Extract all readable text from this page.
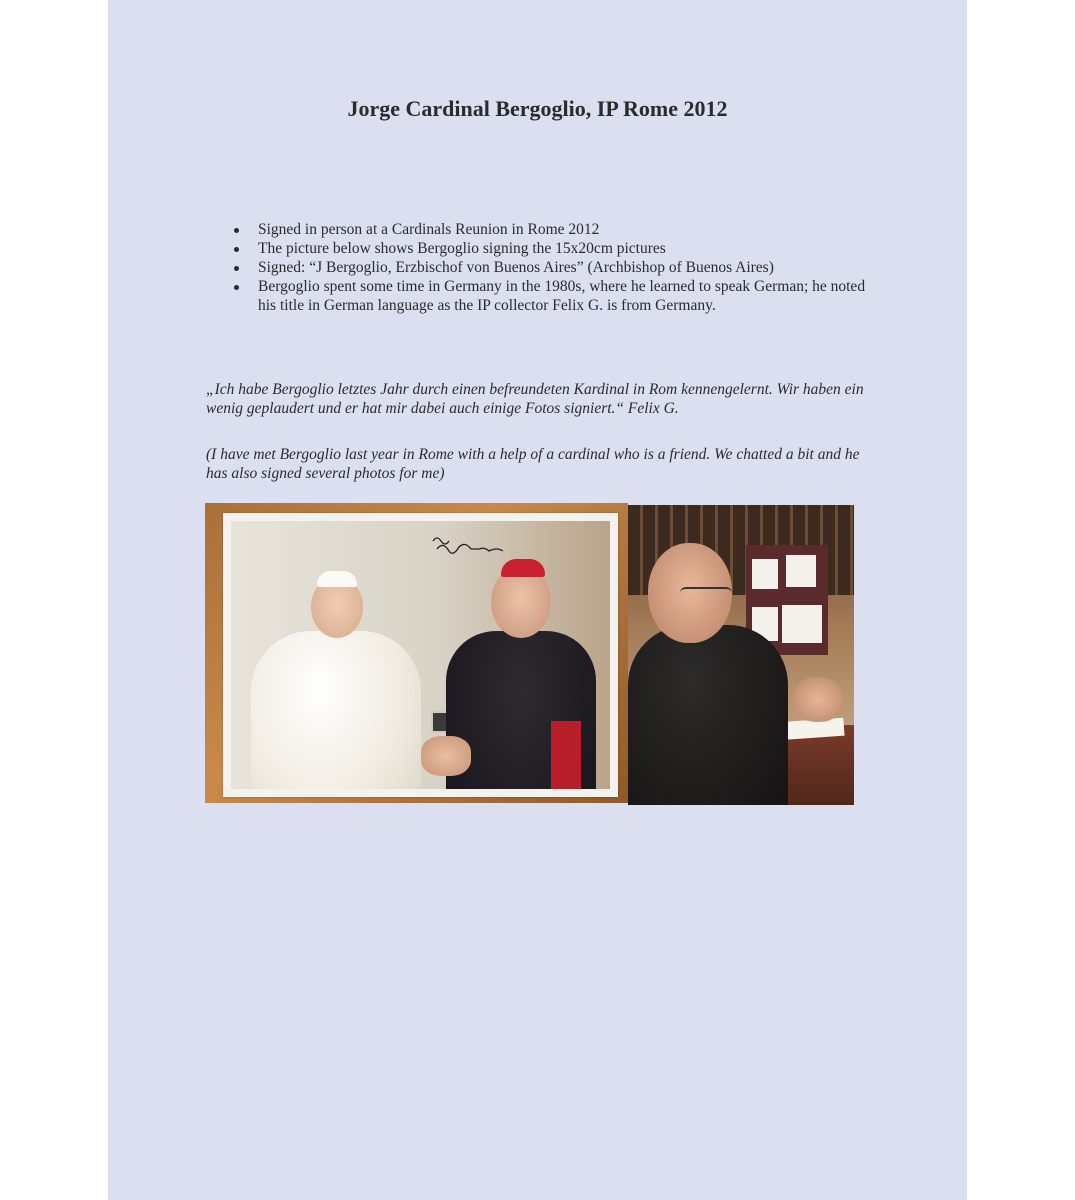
Jorge Cardinal Bergoglio, IP Rome 2012
Signed in person at a Cardinals Reunion in Rome 2012
The picture below shows Bergoglio signing the 15x20cm pictures
Signed: “J Bergoglio, Erzbischof von Buenos Aires” (Archbishop of Buenos Aires)
Bergoglio spent some time in Germany in the 1980s, where he learned to speak German; he noted his title in German language as the IP collector Felix G. is from Germany.

„Ich habe Bergoglio letztes Jahr durch einen befreundeten Kardinal in Rom kennengelernt. Wir haben ein wenig geplaudert und er hat mir dabei auch einige Fotos signiert.“ Felix G.

(I have met Bergoglio last year in Rome with a help of a cardinal who is a friend. We chatted a bit and he has also signed several photos for me)
